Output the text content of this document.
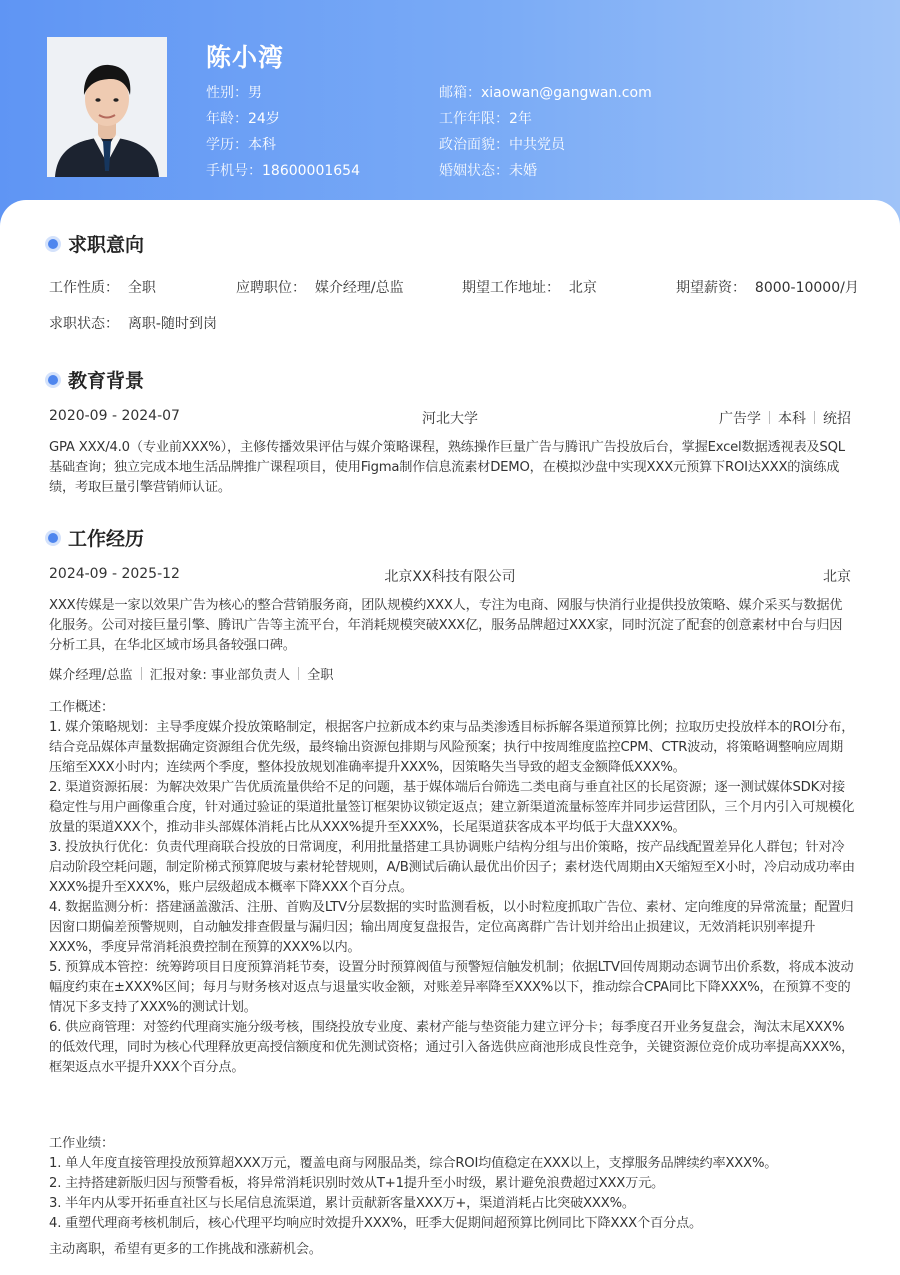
陈小湾
性别：男	邮箱：xiaowan@gangwan.com
年龄：24岁	工作年限：2年
学历：本科	政治面貌：中共党员
手机号：18600001654	婚姻状态：未婚
求职意向
工作性质： 全职	应聘职位： 媒介经理/总监	期望工作地址： 北京	期望薪资： 8000-10000/月
求职状态： 离职-随时到岗
教育背景
2020-09 - 2024-07	河北大学	广告学 本科 统招
GPA XXX/4.0（专业前XXX%），主修传播效果评估与媒介策略课程，熟练操作巨量广告与腾讯广告投放后台，掌握Excel数据透视表及SQL基础查询；独立完成本地生活品牌推广课程项目，使用Figma制作信息流素材DEMO，在模拟沙盘中实现XXX元预算下ROI达XXX的演练成绩，考取巨量引擎营销师认证。
工作经历
2024-09 - 2025-12	北京XX科技有限公司	北京
XXX传媒是一家以效果广告为核心的整合营销服务商，团队规模约XXX人，专注为电商、网服与快消行业提供投放策略、媒介采买与数据优化服务。公司对接巨量引擎、腾讯广告等主流平台，年消耗规模突破XXX亿，服务品牌超过XXX家，同时沉淀了配套的创意素材中台与归因分析工具，在华北区域市场具备较强口碑。
媒介经理/总监 汇报对象: 事业部负责人 全职
工作概述：
1. 媒介策略规划：主导季度媒介投放策略制定，根据客户拉新成本约束与品类渗透目标拆解各渠道预算比例；拉取历史投放样本的ROI分布，结合竞品媒体声量数据确定资源组合优先级，最终输出资源包排期与风险预案；执行中按周维度监控CPM、CTR波动，将策略调整响应周期压缩至XXX小时内；连续两个季度，整体投放规划准确率提升XXX%，因策略失当导致的超支金额降低XXX%。
2. 渠道资源拓展：为解决效果广告优质流量供给不足的问题，基于媒体端后台筛选二类电商与垂直社区的长尾资源；逐一测试媒体SDK对接稳定性与用户画像重合度，针对通过验证的渠道批量签订框架协议锁定返点；建立新渠道流量标签库并同步运营团队，三个月内引入可规模化放量的渠道XXX个，推动非头部媒体消耗占比从XXX%提升至XXX%，长尾渠道获客成本平均低于大盘XXX%。
3. 投放执行优化：负责代理商联合投放的日常调度，利用批量搭建工具协调账户结构分组与出价策略，按产品线配置差异化人群包；针对冷启动阶段空耗问题，制定阶梯式预算爬坡与素材轮替规则，A/B测试后确认最优出价因子；素材迭代周期由X天缩短至X小时，冷启动成功率由XXX%提升至XXX%，账户层级超成本概率下降XXX个百分点。
4. 数据监测分析：搭建涵盖激活、注册、首购及LTV分层数据的实时监测看板，以小时粒度抓取广告位、素材、定向维度的异常流量；配置归因窗口期偏差预警规则，自动触发排查假量与漏归因；输出周度复盘报告，定位高离群广告计划并给出止损建议，无效消耗识别率提升XXX%，季度异常消耗浪费控制在预算的XXX%以内。
5. 预算成本管控：统筹跨项目日度预算消耗节奏，设置分时预算阀值与预警短信触发机制；依据LTV回传周期动态调节出价系数，将成本波动幅度约束在±XXX%区间；每月与财务核对返点与退量实收金额，对账差异率降至XXX%以下，推动综合CPA同比下降XXX%，在预算不变的情况下多支持了XXX%的测试计划。
6. 供应商管理：对签约代理商实施分级考核，围绕投放专业度、素材产能与垫资能力建立评分卡；每季度召开业务复盘会，淘汰末尾XXX%的低效代理，同时为核心代理释放更高授信额度和优先测试资格；通过引入备选供应商池形成良性竞争，关键资源位竞价成功率提高XXX%，框架返点水平提升XXX个百分点。
工作业绩：
1. 单人年度直接管理投放预算超XXX万元，覆盖电商与网服品类，综合ROI均值稳定在XXX以上，支撑服务品牌续约率XXX%。
2. 主持搭建新版归因与预警看板，将异常消耗识别时效从T+1提升至小时级，累计避免浪费超过XXX万元。
3. 半年内从零开拓垂直社区与长尾信息流渠道，累计贡献新客量XXX万+，渠道消耗占比突破XXX%。
4. 重塑代理商考核机制后，核心代理平均响应时效提升XXX%，旺季大促期间超预算比例同比下降XXX个百分点。
主动离职，希望有更多的工作挑战和涨薪机会。
